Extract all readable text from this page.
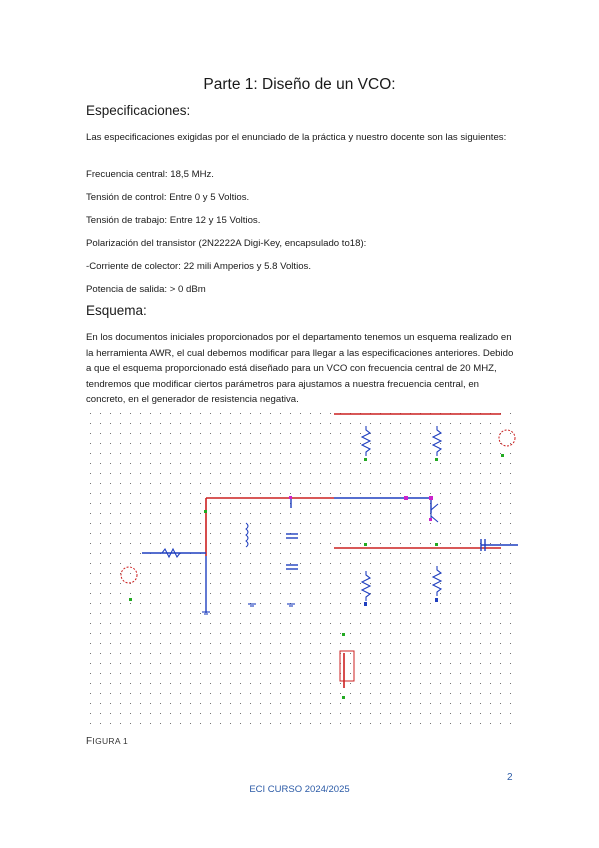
Parte 1: Diseño de un VCO:
Especificaciones:
Las especificaciones exigidas por el enunciado de la práctica y nuestro docente son las siguientes:
Frecuencia central: 18,5 MHz.
Tensión de control: Entre 0 y 5 Voltios.
Tensión de trabajo: Entre 12 y 15 Voltios.
Polarización del transistor (2N2222A Digi-Key, encapsulado to18):
-Corriente de colector: 22 mili Amperios y 5.8 Voltios.
Potencia de salida: > 0 dBm
Esquema:
En los documentos iniciales proporcionados por el departamento tenemos un esquema realizado en la herramienta AWR, el cual debemos modificar para llegar a las especificaciones anteriores. Debido a que el esquema proporcionado está diseñado para un VCO con frecuencia central de 20 MHZ, tendremos que modificar ciertos parámetros para ajustamos a nuestra frecuencia central, en concreto, en el generador de resistencia negativa.
FIGURA 1
2
ECI CURSO 2024/2025
